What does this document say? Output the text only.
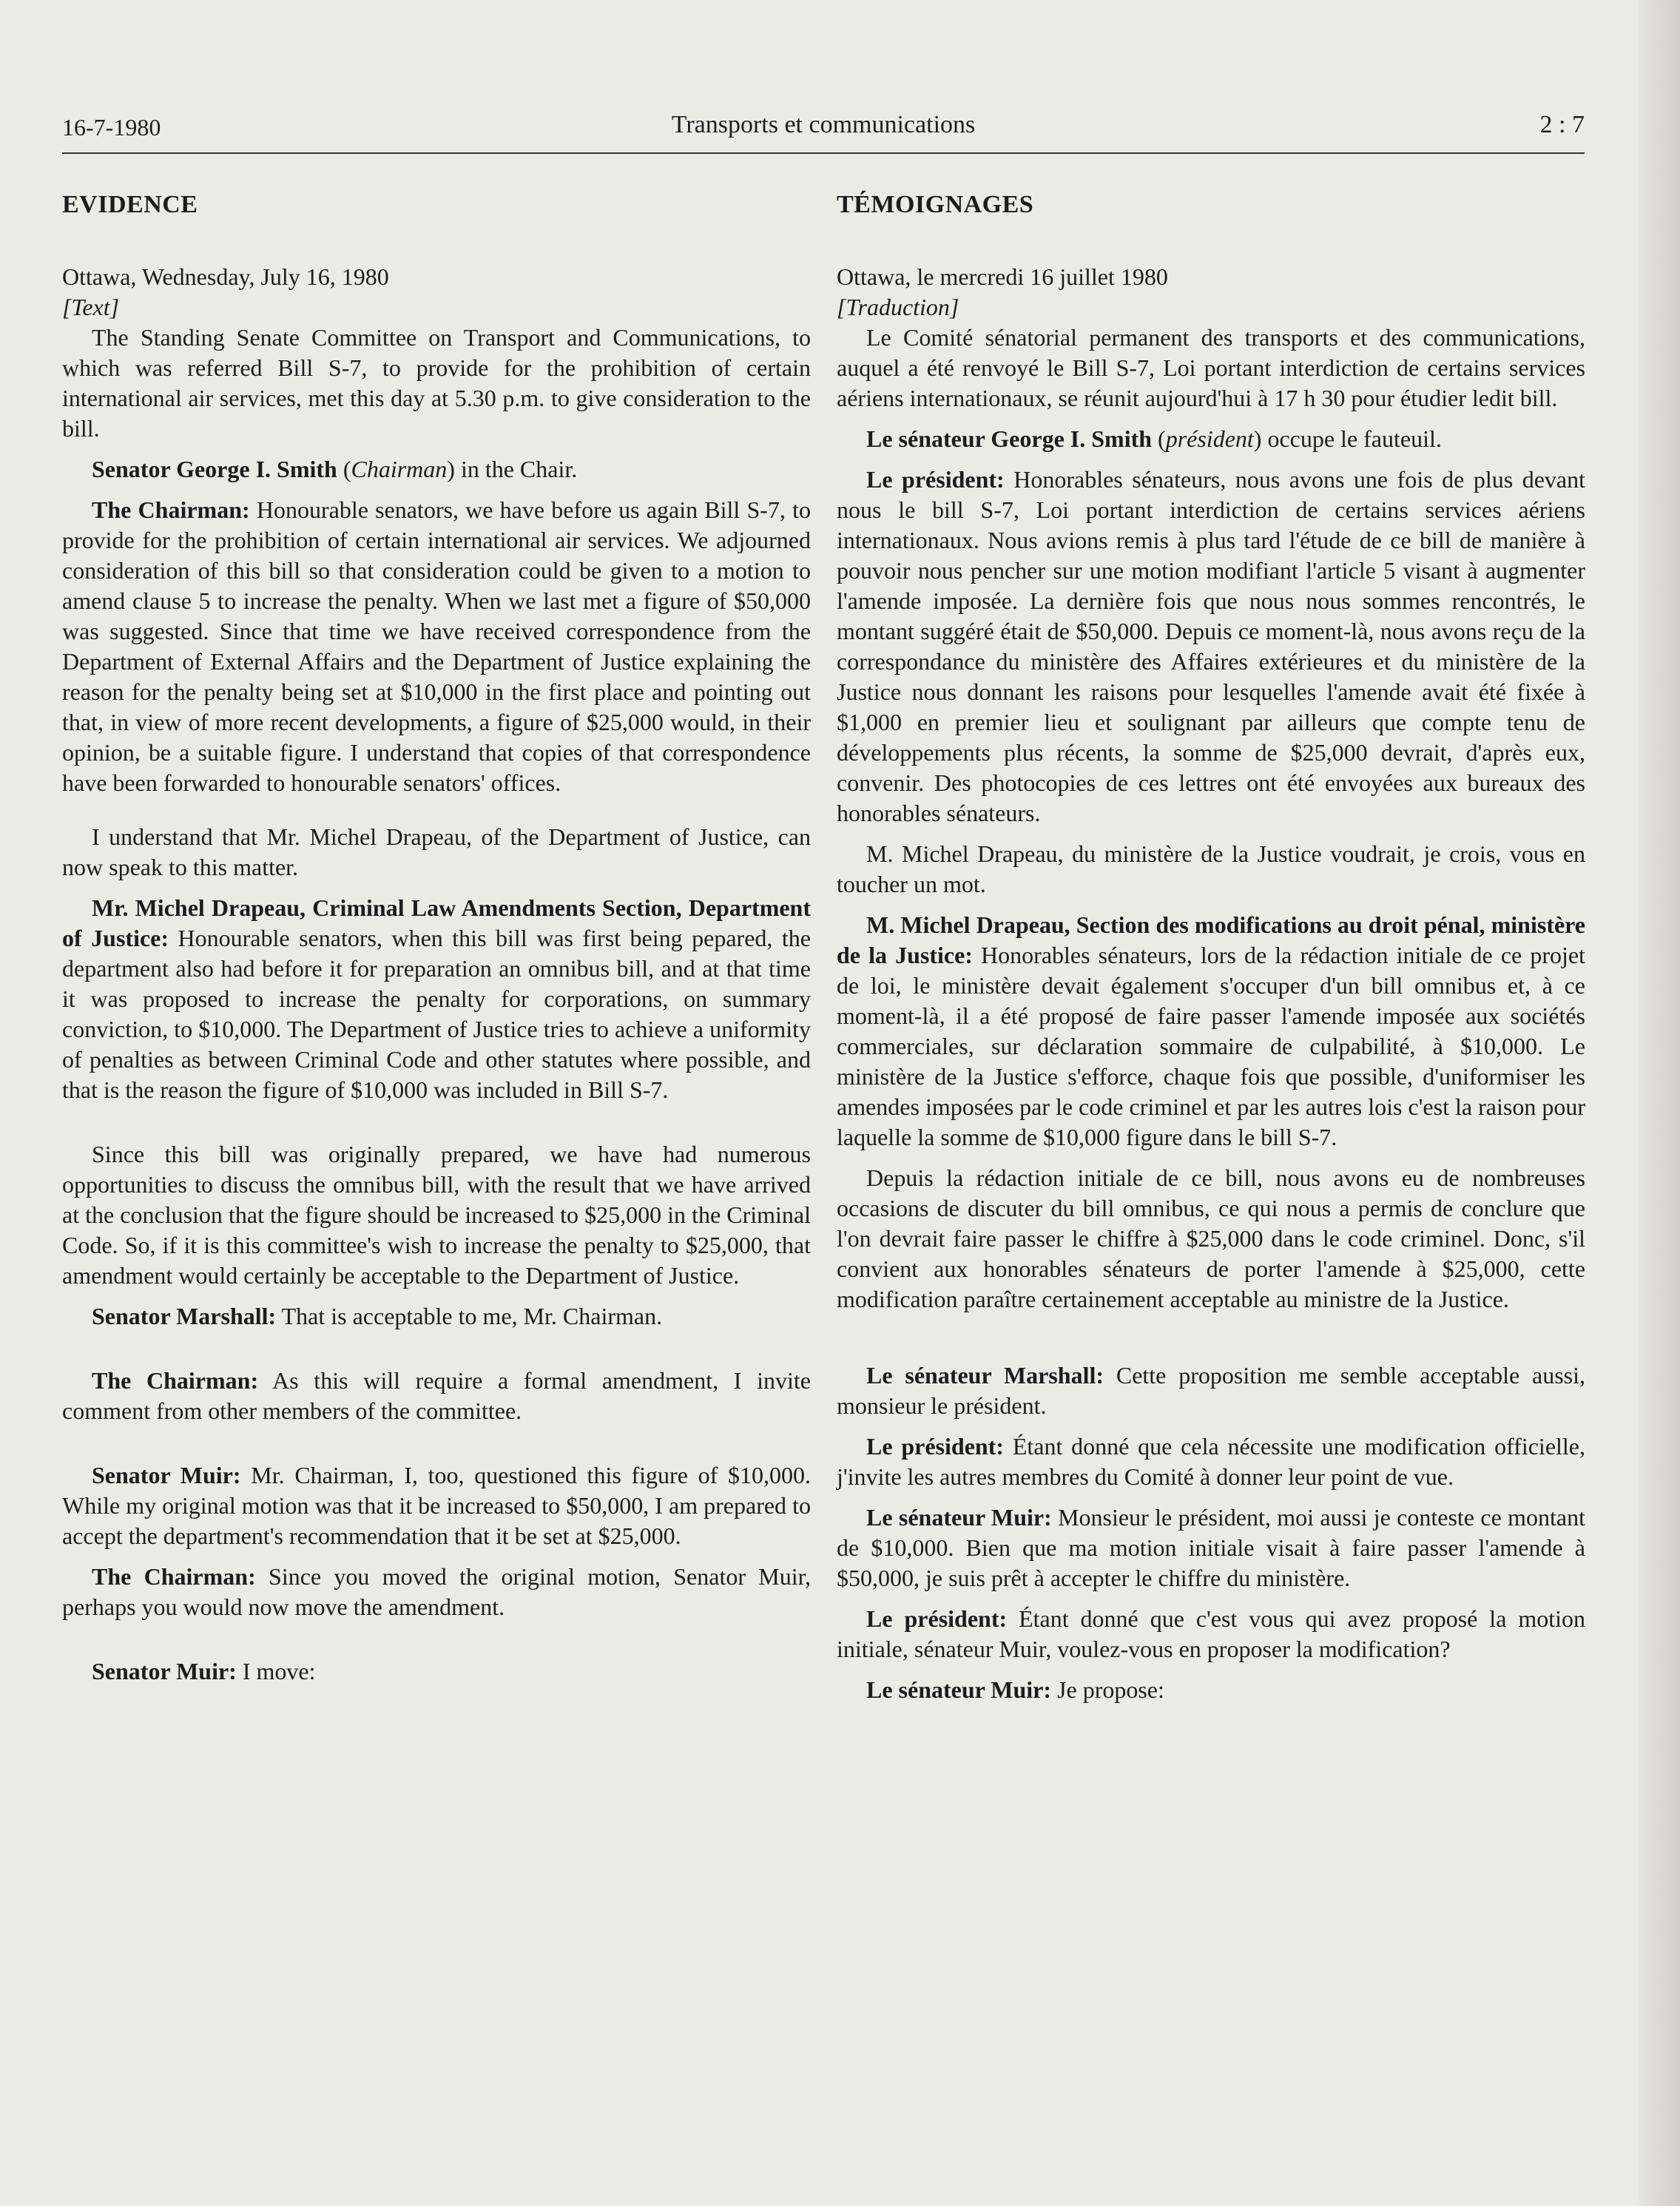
16-7-1980	Transports et communications	2 : 7
EVIDENCE

Ottawa, Wednesday, July 16, 1980

[Text]

The Standing Senate Committee on Transport and Communications, to which was referred Bill S-7, to provide for the prohibition of certain international air services, met this day at 5.30 p.m. to give consideration to the bill.

Senator George I. Smith (Chairman) in the Chair.

The Chairman: Honourable senators, we have before us again Bill S-7, to provide for the prohibition of certain international air services. We adjourned consideration of this bill so that consideration could be given to a motion to amend clause 5 to increase the penalty. When we last met a figure of $50,000 was suggested. Since that time we have received correspondence from the Department of External Affairs and the Department of Justice explaining the reason for the penalty being set at $10,000 in the first place and pointing out that, in view of more recent developments, a figure of $25,000 would, in their opinion, be a suitable figure. I understand that copies of that correspondence have been forwarded to honourable senators' offices.

I understand that Mr. Michel Drapeau, of the Department of Justice, can now speak to this matter.

Mr. Michel Drapeau, Criminal Law Amendments Section, Department of Justice: Honourable senators, when this bill was first being pepared, the department also had before it for preparation an omnibus bill, and at that time it was proposed to increase the penalty for corporations, on summary conviction, to $10,000. The Department of Justice tries to achieve a uniformity of penalties as between Criminal Code and other statutes where possible, and that is the reason the figure of $10,000 was included in Bill S-7.

Since this bill was originally prepared, we have had numerous opportunities to discuss the omnibus bill, with the result that we have arrived at the conclusion that the figure should be increased to $25,000 in the Criminal Code. So, if it is this committee's wish to increase the penalty to $25,000, that amendment would certainly be acceptable to the Department of Justice.

Senator Marshall: That is acceptable to me, Mr. Chairman.

The Chairman: As this will require a formal amendment, I invite comment from other members of the committee.

Senator Muir: Mr. Chairman, I, too, questioned this figure of $10,000. While my original motion was that it be increased to $50,000, I am prepared to accept the department's recommendation that it be set at $25,000.

The Chairman: Since you moved the original motion, Senator Muir, perhaps you would now move the amendment.

Senator Muir: I move:

TÉMOIGNAGES

Ottawa, le mercredi 16 juillet 1980

[Traduction]

Le Comité sénatorial permanent des transports et des communications, auquel a été renvoyé le Bill S-7, Loi portant interdiction de certains services aériens internationaux, se réunit aujourd'hui à 17 h 30 pour étudier ledit bill.

Le sénateur George I. Smith (président) occupe le fauteuil.

Le président: Honorables sénateurs, nous avons une fois de plus devant nous le bill S-7, Loi portant interdiction de certains services aériens internationaux. Nous avions remis à plus tard l'étude de ce bill de manière à pouvoir nous pencher sur une motion modifiant l'article 5 visant à augmenter l'amende imposée. La dernière fois que nous nous sommes rencontrés, le montant suggéré était de $50,000. Depuis ce moment-là, nous avons reçu de la correspondance du ministère des Affaires extérieures et du ministère de la Justice nous donnant les raisons pour lesquelles l'amende avait été fixée à $1,000 en premier lieu et soulignant par ailleurs que compte tenu de développements plus récents, la somme de $25,000 devrait, d'après eux, convenir. Des photocopies de ces lettres ont été envoyées aux bureaux des honorables sénateurs.

M. Michel Drapeau, du ministère de la Justice voudrait, je crois, vous en toucher un mot.

M. Michel Drapeau, Section des modifications au droit pénal, ministère de la Justice: Honorables sénateurs, lors de la rédaction initiale de ce projet de loi, le ministère devait également s'occuper d'un bill omnibus et, à ce moment-là, il a été proposé de faire passer l'amende imposée aux sociétés commerciales, sur déclaration sommaire de culpabilité, à $10,000. Le ministère de la Justice s'efforce, chaque fois que possible, d'uniformiser les amendes imposées par le code criminel et par les autres lois c'est la raison pour laquelle la somme de $10,000 figure dans le bill S-7.

Depuis la rédaction initiale de ce bill, nous avons eu de nombreuses occasions de discuter du bill omnibus, ce qui nous a permis de conclure que l'on devrait faire passer le chiffre à $25,000 dans le code criminel. Donc, s'il convient aux honorables sénateurs de porter l'amende à $25,000, cette modification paraître certainement acceptable au ministre de la Justice.

Le sénateur Marshall: Cette proposition me semble acceptable aussi, monsieur le président.

Le président: Étant donné que cela nécessite une modification officielle, j'invite les autres membres du Comité à donner leur point de vue.

Le sénateur Muir: Monsieur le président, moi aussi je conteste ce montant de $10,000. Bien que ma motion initiale visait à faire passer l'amende à $50,000, je suis prêt à accepter le chiffre du ministère.

Le président: Étant donné que c'est vous qui avez proposé la motion initiale, sénateur Muir, voulez-vous en proposer la modification?

Le sénateur Muir: Je propose:
